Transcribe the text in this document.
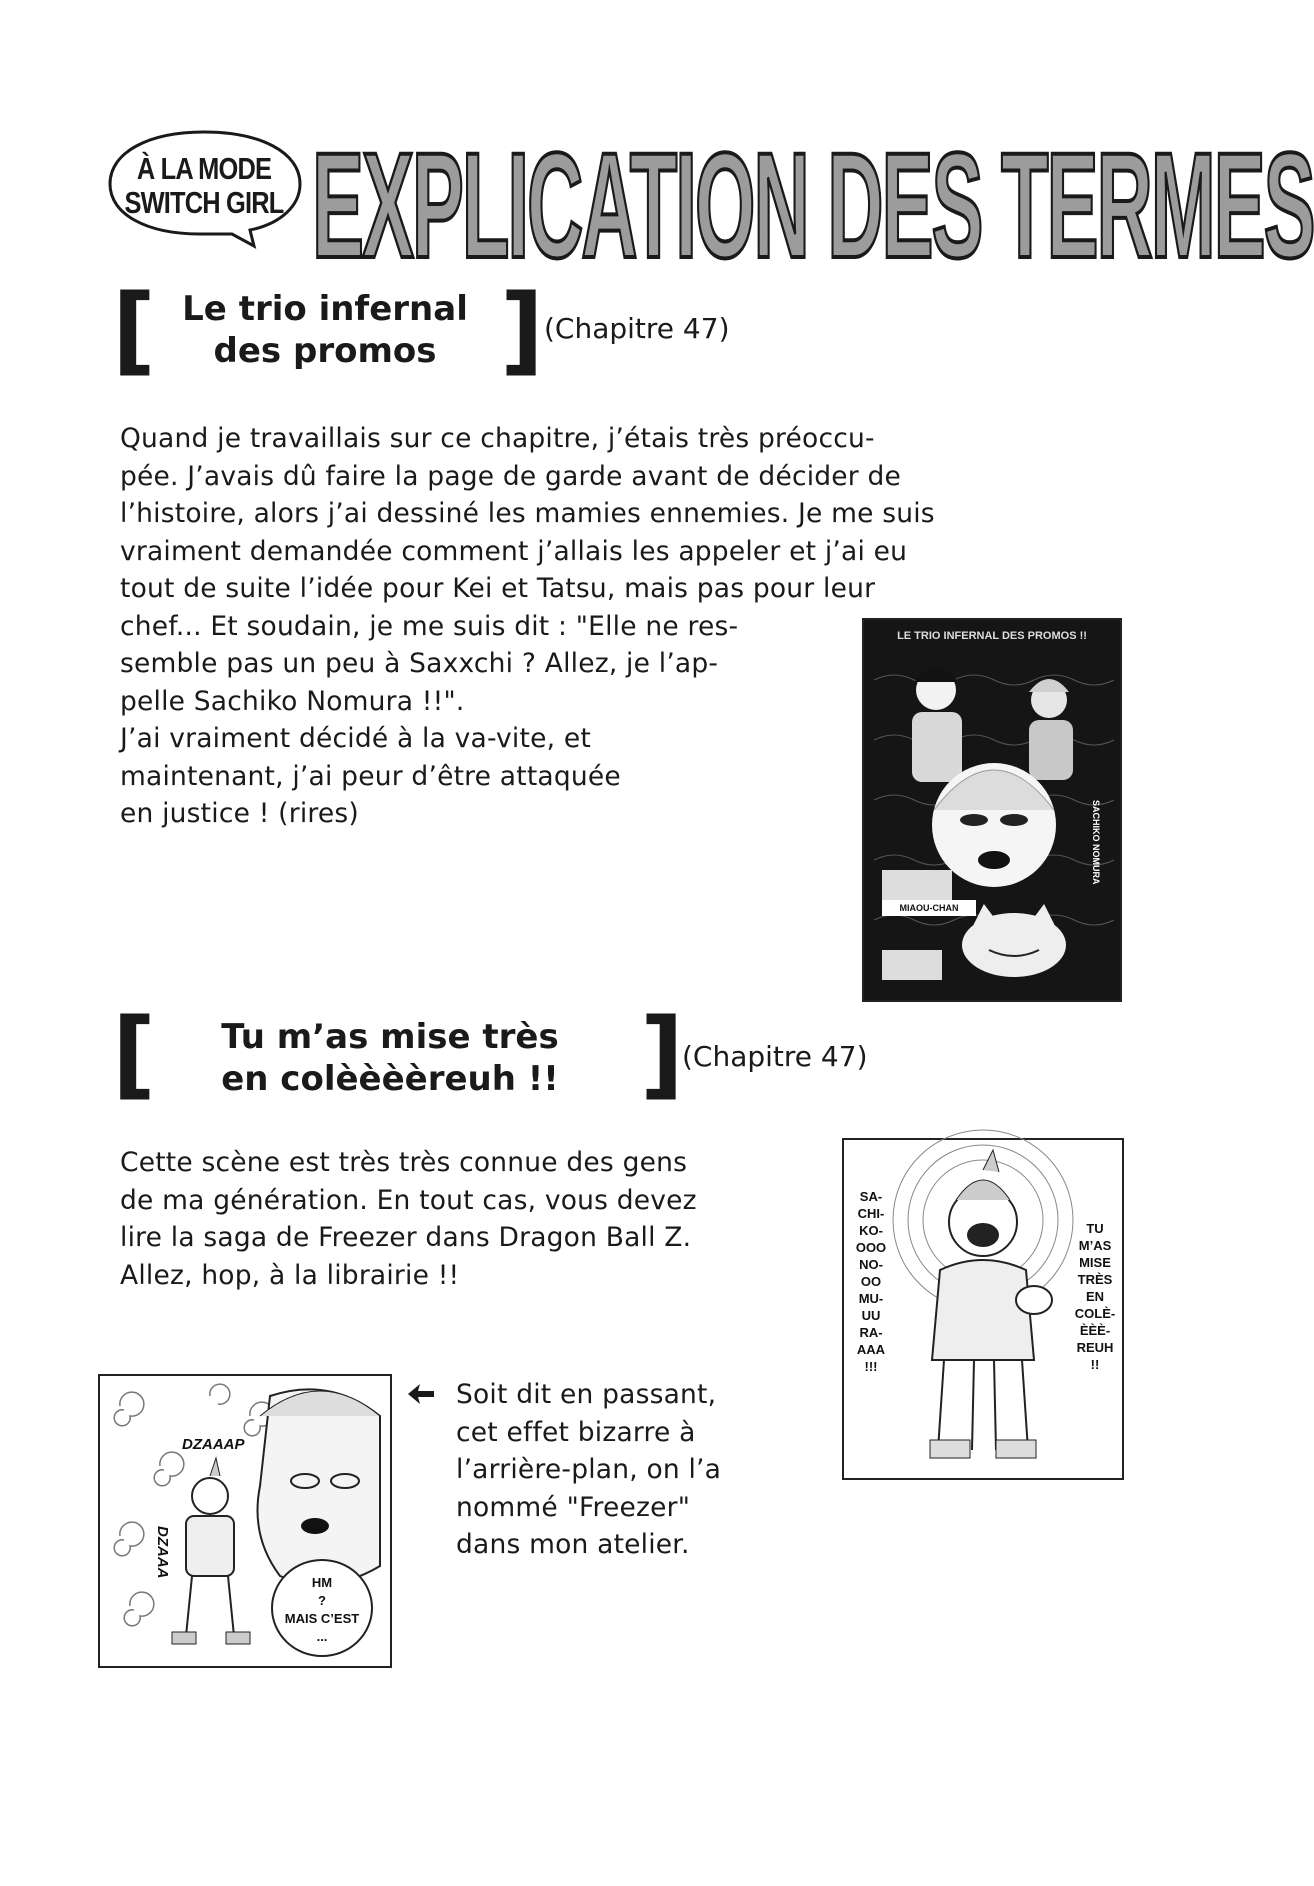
À LA MODE
SWITCH GIRL EXPLICATION DES TERMES
[ Le trio infernal
des promos ] (Chapitre 47)
Quand je travaillais sur ce chapitre, j’étais très préoccu-
pée. J’avais dû faire la page de garde avant de décider de
l’histoire, alors j’ai dessiné les mamies ennemies. Je me suis
vraiment demandée comment j’allais les appeler et j’ai eu
tout de suite l’idée pour Kei et Tatsu, mais pas pour leur
chef... Et soudain, je me suis dit : "Elle ne res-
semble pas un peu à Saxxchi ? Allez, je l’ap-
pelle Sachiko Nomura !!".
J’ai vraiment décidé à la va-vite, et
maintenant, j’ai peur d’être attaquée
en justice ! (rires)
LE TRIO INFERNAL DES PROMOS !!
MIAOU-CHAN
SACHIKO NOMURA
[	Tu m’as mise très
en colèèèèreuh !! ]
(Chapitre 47)
Cette scène est très très connue des gens
de ma génération. En tout cas, vous devez
lire la saga de Freezer dans Dragon Ball Z.
Allez, hop, à la librairie !!
SA-
CHI-
KO-
OOO
NO-
OO
MU-
UU
RA-
AAA
!!!
TU
M’AS
MISE
TRÈS
EN
COLÈ-
ÈÈÈ-
REUH
!!
DZAAAP
DZAAA
HM
?
MAIS C’EST
...
Soit dit en passant,
cet effet bizarre à
l’arrière-plan, on l’a
nommé "Freezer"
dans mon atelier.
